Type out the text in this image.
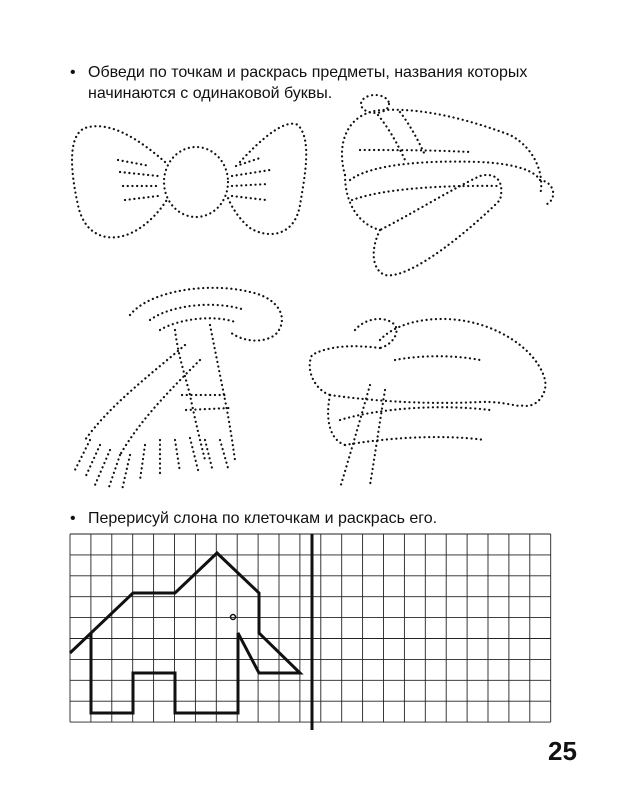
• Обведи по точкам и раскрась предметы, названия которых
начинаются с одинаковой буквы.
• Перерисуй слона по клеточкам и раскрась его.
25
